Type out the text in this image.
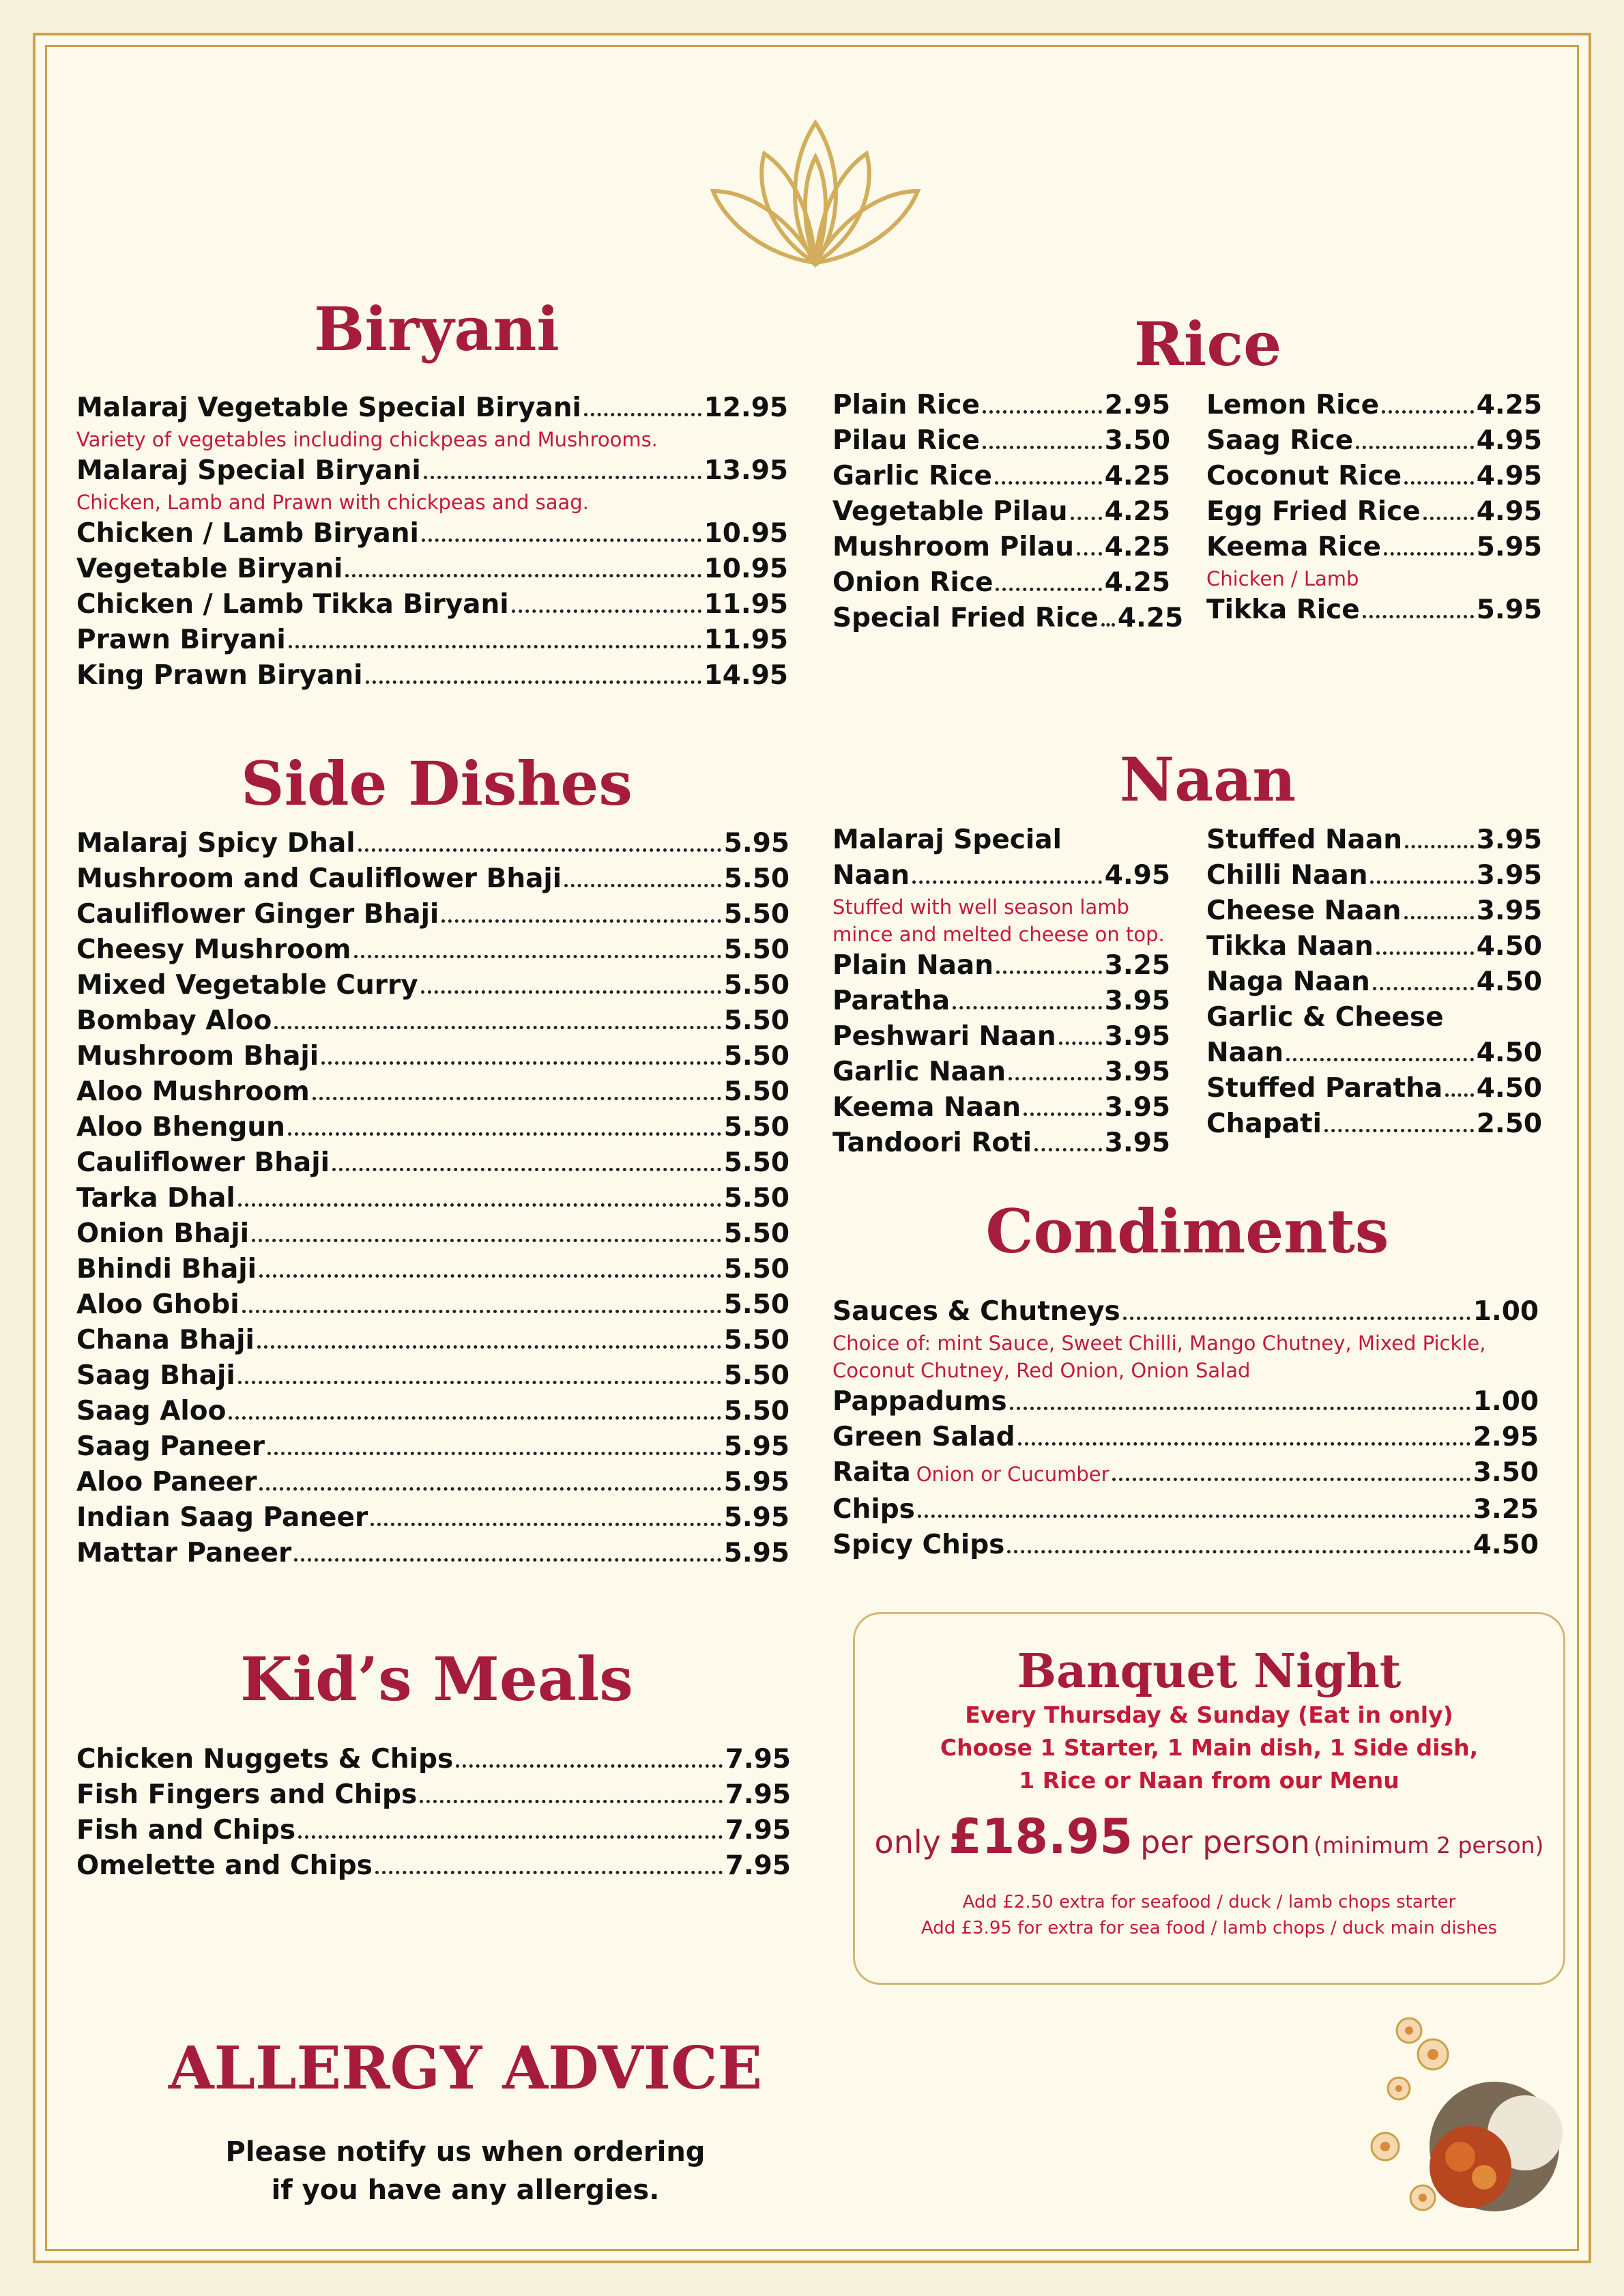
Biryani
Malaraj Vegetable Special Biryani	12.95
Variety of vegetables including chickpeas and Mushrooms.
Malaraj Special Biryani	13.95
Chicken, Lamb and Prawn with chickpeas and saag.
Chicken / Lamb Biryani	10.95
Vegetable Biryani	10.95
Chicken / Lamb Tikka Biryani	11.95
Prawn Biryani	11.95
King Prawn Biryani	14.95
Rice
Plain Rice	2.95
Pilau Rice	3.50
Garlic Rice	4.25
Vegetable Pilau 4.25
Mushroom Pilau 4.25
Onion Rice	4.25
Special Fried Rice 4.25
Lemon Rice	4.25
Saag Rice	4.95
Coconut Rice	4.95
Egg Fried Rice 4.95
Keema Rice	5.95
Chicken / Lamb
Tikka Rice	5.95
Side Dishes
Malaraj Spicy Dhal	5.95
Mushroom and Cauliflower Bhaji	5.50
Cauliflower Ginger Bhaji	5.50
Cheesy Mushroom	5.50
Mixed Vegetable Curry	5.50
Bombay Aloo	5.50
Mushroom Bhaji	5.50
Aloo Mushroom	5.50
Aloo Bhengun	5.50
Cauliflower Bhaji	5.50
Tarka Dhal	5.50
Onion Bhaji	5.50
Bhindi Bhaji	5.50
Aloo Ghobi	5.50
Chana Bhaji	5.50
Saag Bhaji	5.50
Saag Aloo	5.50
Saag Paneer	5.95
Aloo Paneer	5.95
Indian Saag Paneer	5.95
Mattar Paneer	5.95
Naan
Malaraj Special
Naan	4.95
Stuffed with well season lamb
mince and melted cheese on top.
Plain Naan	3.25
Paratha	3.95
Peshwari Naan 3.95
Garlic Naan	3.95
Keema Naan	3.95
Tandoori Roti	3.95
Stuffed Naan	3.95
Chilli Naan	3.95
Cheese Naan	3.95
Tikka Naan	4.50
Naga Naan	4.50
Garlic & Cheese
Naan	4.50
Stuffed Paratha 4.50
Chapati	2.50
Condiments
Sauces & Chutneys	1.00
Choice of: mint Sauce, Sweet Chilli, Mango Chutney, Mixed Pickle,
Coconut Chutney, Red Onion, Onion Salad
Pappadums	1.00
Green Salad	2.95
Raita Onion or Cucumber	3.50
Chips	3.25
Spicy Chips	4.50
Kid’s Meals
Chicken Nuggets & Chips	7.95
Fish Fingers and Chips	7.95
Fish and Chips	7.95
Omelette and Chips	7.95
Banquet Night
Every Thursday & Sunday (Eat in only)
Choose 1 Starter, 1 Main dish, 1 Side dish,
1 Rice or Naan from our Menu
only £18.95 per person (minimum 2 person)
Add £2.50 extra for seafood / duck / lamb chops starter
Add £3.95 for extra for sea food / lamb chops / duck main dishes
ALLERGY ADVICE
Please notify us when ordering
if you have any allergies.
